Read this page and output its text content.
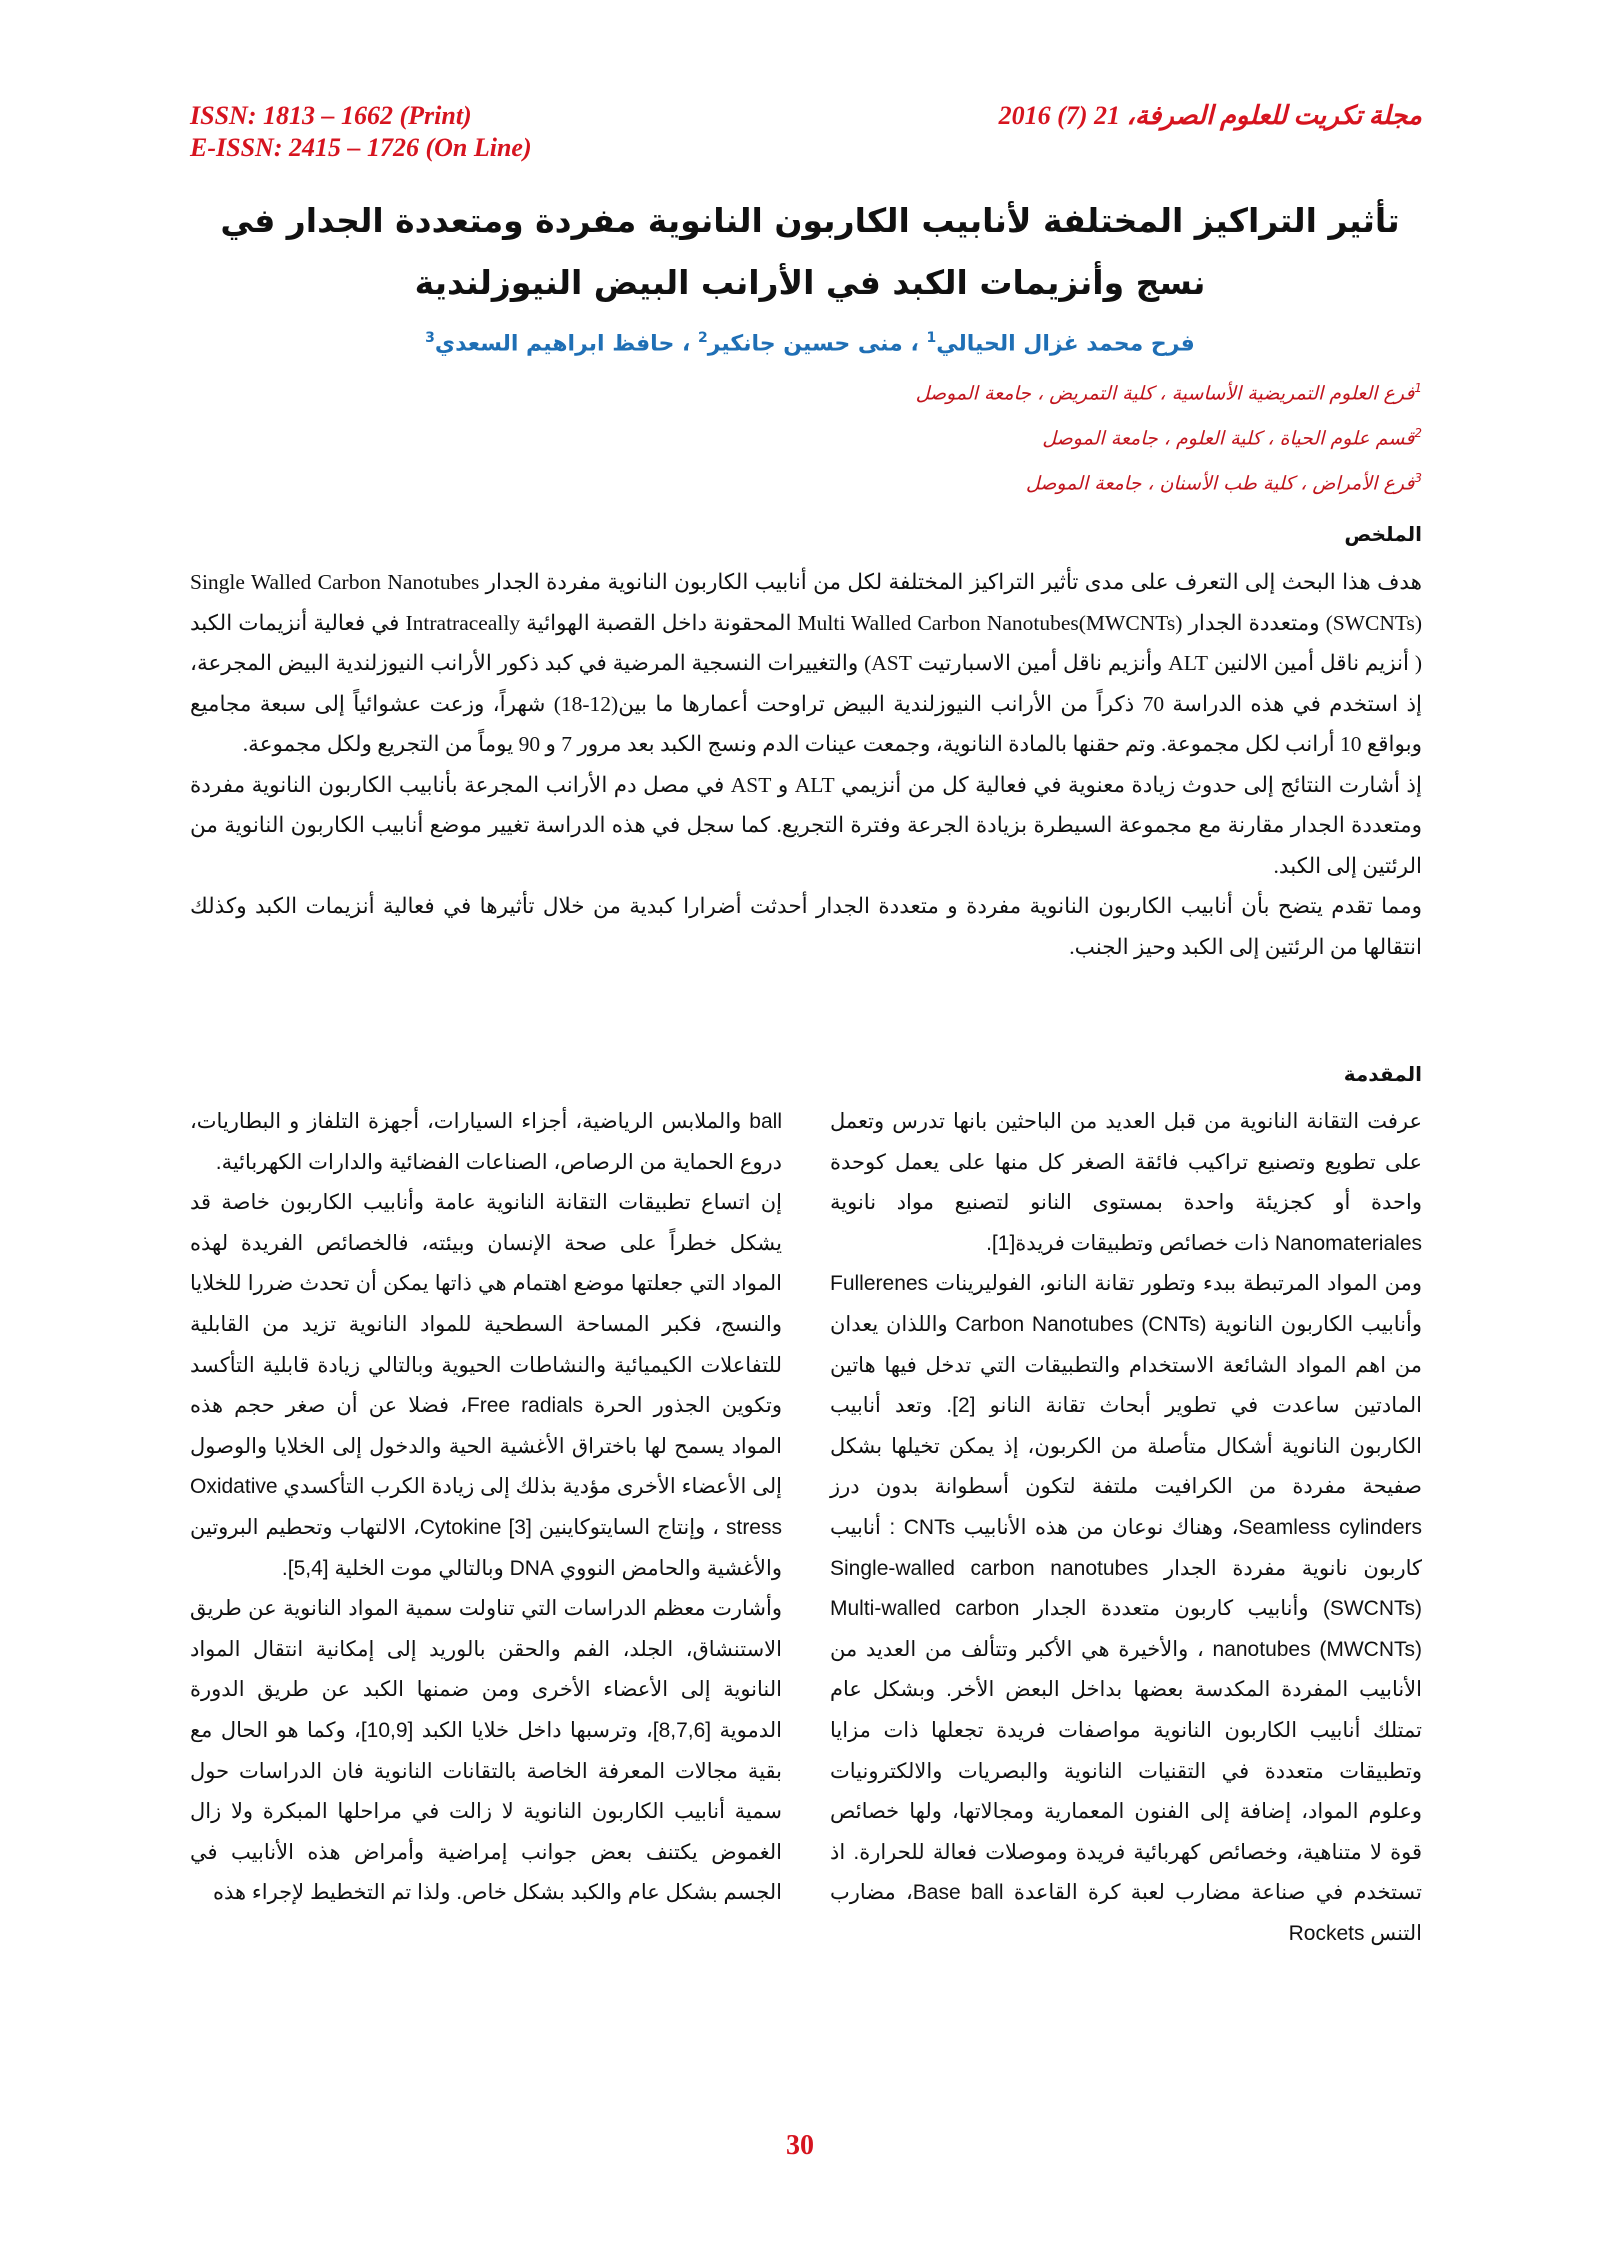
ISSN: 1813 – 1662 (Print)
E-ISSN: 2415 – 1726 (On Line)
مجلة تكريت للعلوم الصرفة، 21 (7) 2016
تأثير التراكيز المختلفة لأنابيب الكاربون النانوية مفردة ومتعددة الجدار في نسج وأنزيمات الكبد في الأرانب البيض النيوزلندية
فرح محمد غزال الحيالي$^1$ ، منى حسين جانكير$^2$ ، حافظ ابراهيم السعدي$^3$
$^1$فرع العلوم التمريضية الأساسية ، كلية التمريض ، جامعة الموصل
$^2$قسم علوم الحياة ، كلية العلوم ، جامعة الموصل
$^3$فرع الأمراض ، كلية طب الأسنان ، جامعة الموصل
الملخص

هدف هذا البحث إلى التعرف على مدى تأثير التراكيز المختلفة لكل من أنابيب الكاربون النانوية مفردة الجدار Single Walled Carbon Nanotubes (SWCNTs) ومتعددة الجدار Multi Walled Carbon Nanotubes(MWCNTs) المحقونة داخل القصبة الهوائية Intratraceally في فعالية أنزيمات الكبد ( أنزيم ناقل أمين الالنين ALT وأنزيم ناقل أمين الاسبارتيت AST) والتغييرات النسجية المرضية في كبد ذكور الأرانب النيوزلندية البيض المجرعة، إذ استخدم في هذه الدراسة 70 ذكراً من الأرانب النيوزلندية البيض تراوحت أعمارها ما بين(12-18) شهراً، وزعت عشوائياً إلى سبعة مجاميع وبواقع 10 أرانب لكل مجموعة. وتم حقنها بالمادة النانوية، وجمعت عينات الدم ونسج الكبد بعد مرور 7 و 90 يوماً من التجريع ولكل مجموعة.

إذ أشارت النتائج إلى حدوث زيادة معنوية في فعالية كل من أنزيمي ALT و AST في مصل دم الأرانب المجرعة بأنابيب الكاربون النانوية مفردة ومتعددة الجدار مقارنة مع مجموعة السيطرة بزيادة الجرعة وفترة التجريع. كما سجل في هذه الدراسة تغيير موضع أنابيب الكاربون النانوية من الرئتين إلى الكبد.

ومما تقدم يتضح بأن أنابيب الكاربون النانوية مفردة و متعددة الجدار أحدثت أضرارا كبدية من خلال تأثيرها في فعالية أنزيمات الكبد وكذلك انتقالها من الرئتين إلى الكبد وحيز الجنب.

المقدمة

عرفت التقانة النانوية من قبل العديد من الباحثين بانها تدرس وتعمل على تطويع وتصنيع تراكيب فائقة الصغر كل منها على يعمل كوحدة واحدة أو كجزيئة واحدة بمستوى النانو لتصنيع مواد نانوية Nanomateriales ذات خصائص وتطبيقات فريدة[1].

ومن المواد المرتبطة ببدء وتطور تقانة النانو، الفوليرينات Fullerenes وأنابيب الكاربون النانوية Carbon Nanotubes (CNTs) واللذان يعدان من اهم المواد الشائعة الاستخدام والتطبيقات التي تدخل فيها هاتين المادتين ساعدت في تطوير أبحاث تقانة النانو [2]. وتعد أنابيب الكاربون النانوية أشكال متأصلة من الكربون، إذ يمكن تخيلها بشكل صفيحة مفردة من الكرافيت ملتفة لتكون أسطوانة بدون درز Seamless cylinders، وهناك نوعان من هذه الأنابيب CNTs : أنابيب كاربون نانوية مفردة الجدار Single-walled carbon nanotubes (SWCNTs) وأنابيب كاربون متعددة الجدار Multi-walled carbon nanotubes (MWCNTs) ، والأخيرة هي الأكبر وتتألف من العديد من الأنابيب المفردة المكدسة بعضها بداخل البعض الأخر. وبشكل عام تمتلك أنابيب الكاربون النانوية مواصفات فريدة تجعلها ذات مزايا وتطبيقات متعددة في التقنيات النانوية والبصريات والالكترونيات وعلوم المواد، إضافة إلى الفنون المعمارية ومجالاتها، ولها خصائص قوة لا متناهية، وخصائص كهربائية فريدة وموصلات فعالة للحرارة. اذ تستخدم في صناعة مضارب لعبة كرة القاعدة Base ball، مضارب التنس Rockets

ball والملابس الرياضية، أجزاء السيارات، أجهزة التلفاز و البطاريات، دروع الحماية من الرصاص، الصناعات الفضائية والدارات الكهربائية.

إن اتساع تطبيقات التقانة النانوية عامة وأنابيب الكاربون خاصة قد يشكل خطراً على صحة الإنسان وبيئته، فالخصائص الفريدة لهذه المواد التي جعلتها موضع اهتمام هي ذاتها يمكن أن تحدث ضررا للخلايا والنسج، فكبر المساحة السطحية للمواد النانوية تزيد من القابلية للتفاعلات الكيميائية والنشاطات الحيوية وبالتالي زيادة قابلية التأكسد وتكوين الجذور الحرة Free radials، فضلا عن أن صغر حجم هذه المواد يسمح لها باختراق الأغشية الحية والدخول إلى الخلايا والوصول إلى الأعضاء الأخرى مؤدية بذلك إلى زيادة الكرب التأكسدي Oxidative stress ، وإنتاج السايتوكاينين Cytokine [3]، الالتهاب وتحطيم البروتين والأغشية والحامض النووي DNA وبالتالي موت الخلية [5,4].

وأشارت معظم الدراسات التي تناولت سمية المواد النانوية عن طريق الاستنشاق، الجلد، الفم والحقن بالوريد إلى إمكانية انتقال المواد النانوية إلى الأعضاء الأخرى ومن ضمنها الكبد عن طريق الدورة الدموية [8,7,6]، وترسبها داخل خلايا الكبد [10,9]، وكما هو الحال مع بقية مجالات المعرفة الخاصة بالتقانات النانوية فان الدراسات حول سمية أنابيب الكاربون النانوية لا زالت في مراحلها المبكرة ولا زال الغموض يكتنف بعض جوانب إمراضية وأمراض هذه الأنابيب في الجسم بشكل عام والكبد بشكل خاص. ولذا تم التخطيط لإجراء هذه

30
